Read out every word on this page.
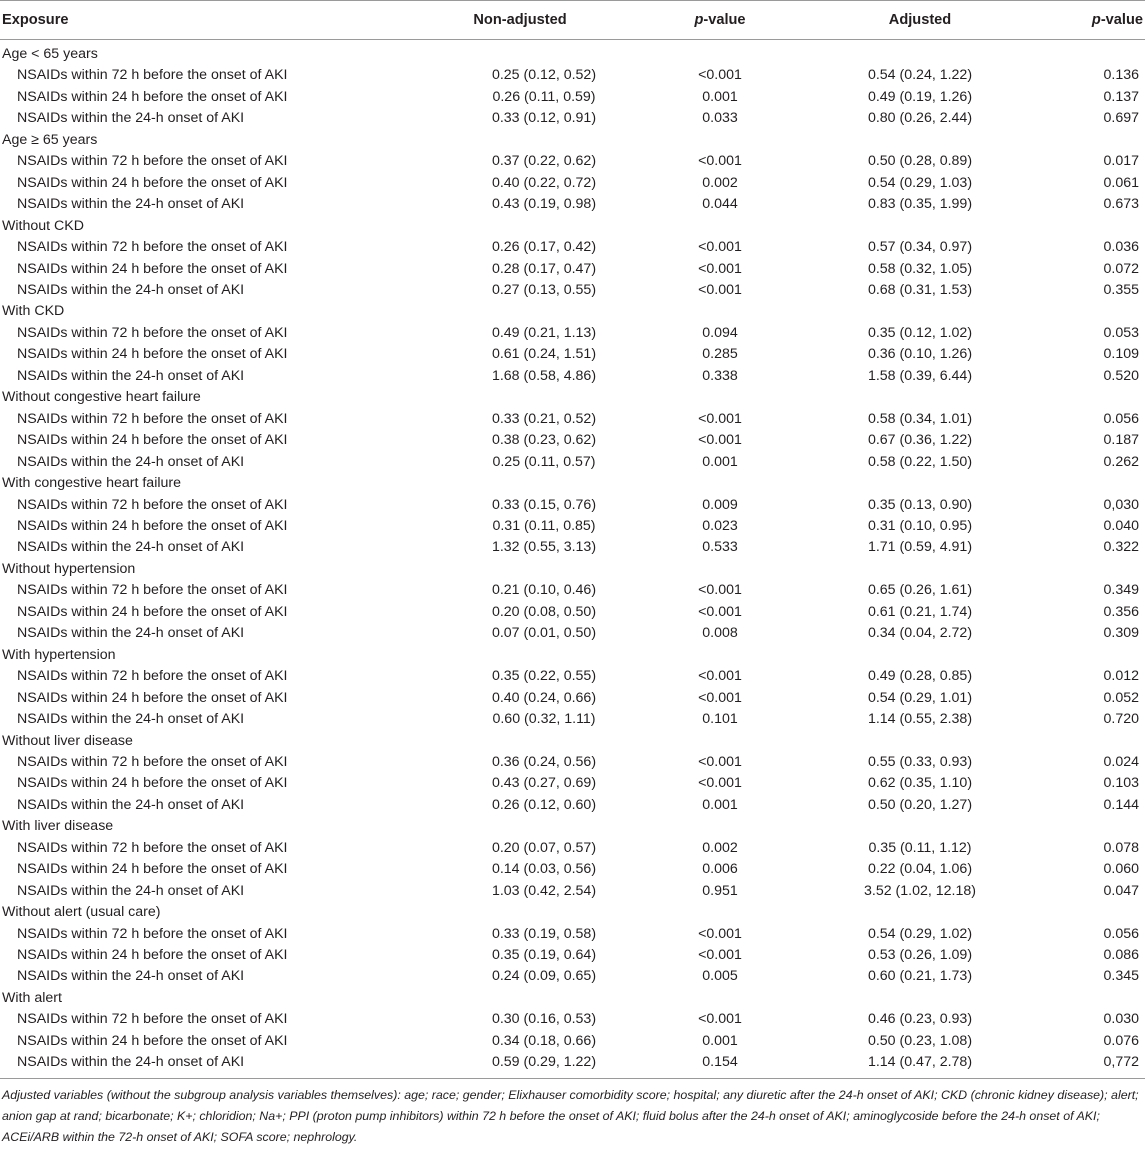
Exposure	Non-adjusted	p-value	Adjusted	p-value
Age < 65 years				
NSAIDs within 72 h before the onset of AKI	0.25 (0.12, 0.52)	<0.001	0.54 (0.24, 1.22)	0.136
NSAIDs within 24 h before the onset of AKI	0.26 (0.11, 0.59)	0.001	0.49 (0.19, 1.26)	0.137
NSAIDs within the 24-h onset of AKI	0.33 (0.12, 0.91)	0.033	0.80 (0.26, 2.44)	0.697
Age ≥ 65 years				
NSAIDs within 72 h before the onset of AKI	0.37 (0.22, 0.62)	<0.001	0.50 (0.28, 0.89)	0.017
NSAIDs within 24 h before the onset of AKI	0.40 (0.22, 0.72)	0.002	0.54 (0.29, 1.03)	0.061
NSAIDs within the 24-h onset of AKI	0.43 (0.19, 0.98)	0.044	0.83 (0.35, 1.99)	0.673
Without CKD				
NSAIDs within 72 h before the onset of AKI	0.26 (0.17, 0.42)	<0.001	0.57 (0.34, 0.97)	0.036
NSAIDs within 24 h before the onset of AKI	0.28 (0.17, 0.47)	<0.001	0.58 (0.32, 1.05)	0.072
NSAIDs within the 24-h onset of AKI	0.27 (0.13, 0.55)	<0.001	0.68 (0.31, 1.53)	0.355
With CKD				
NSAIDs within 72 h before the onset of AKI	0.49 (0.21, 1.13)	0.094	0.35 (0.12, 1.02)	0.053
NSAIDs within 24 h before the onset of AKI	0.61 (0.24, 1.51)	0.285	0.36 (0.10, 1.26)	0.109
NSAIDs within the 24-h onset of AKI	1.68 (0.58, 4.86)	0.338	1.58 (0.39, 6.44)	0.520
Without congestive heart failure				
NSAIDs within 72 h before the onset of AKI	0.33 (0.21, 0.52)	<0.001	0.58 (0.34, 1.01)	0.056
NSAIDs within 24 h before the onset of AKI	0.38 (0.23, 0.62)	<0.001	0.67 (0.36, 1.22)	0.187
NSAIDs within the 24-h onset of AKI	0.25 (0.11, 0.57)	0.001	0.58 (0.22, 1.50)	0.262
With congestive heart failure				
NSAIDs within 72 h before the onset of AKI	0.33 (0.15, 0.76)	0.009	0.35 (0.13, 0.90)	0,030
NSAIDs within 24 h before the onset of AKI	0.31 (0.11, 0.85)	0.023	0.31 (0.10, 0.95)	0.040
NSAIDs within the 24-h onset of AKI	1.32 (0.55, 3.13)	0.533	1.71 (0.59, 4.91)	0.322
Without hypertension				
NSAIDs within 72 h before the onset of AKI	0.21 (0.10, 0.46)	<0.001	0.65 (0.26, 1.61)	0.349
NSAIDs within 24 h before the onset of AKI	0.20 (0.08, 0.50)	<0.001	0.61 (0.21, 1.74)	0.356
NSAIDs within the 24-h onset of AKI	0.07 (0.01, 0.50)	0.008	0.34 (0.04, 2.72)	0.309
With hypertension				
NSAIDs within 72 h before the onset of AKI	0.35 (0.22, 0.55)	<0.001	0.49 (0.28, 0.85)	0.012
NSAIDs within 24 h before the onset of AKI	0.40 (0.24, 0.66)	<0.001	0.54 (0.29, 1.01)	0.052
NSAIDs within the 24-h onset of AKI	0.60 (0.32, 1.11)	0.101	1.14 (0.55, 2.38)	0.720
Without liver disease				
NSAIDs within 72 h before the onset of AKI	0.36 (0.24, 0.56)	<0.001	0.55 (0.33, 0.93)	0.024
NSAIDs within 24 h before the onset of AKI	0.43 (0.27, 0.69)	<0.001	0.62 (0.35, 1.10)	0.103
NSAIDs within the 24-h onset of AKI	0.26 (0.12, 0.60)	0.001	0.50 (0.20, 1.27)	0.144
With liver disease				
NSAIDs within 72 h before the onset of AKI	0.20 (0.07, 0.57)	0.002	0.35 (0.11, 1.12)	0.078
NSAIDs within 24 h before the onset of AKI	0.14 (0.03, 0.56)	0.006	0.22 (0.04, 1.06)	0.060
NSAIDs within the 24-h onset of AKI	1.03 (0.42, 2.54)	0.951	3.52 (1.02, 12.18)	0.047
Without alert (usual care)				
NSAIDs within 72 h before the onset of AKI	0.33 (0.19, 0.58)	<0.001	0.54 (0.29, 1.02)	0.056
NSAIDs within 24 h before the onset of AKI	0.35 (0.19, 0.64)	<0.001	0.53 (0.26, 1.09)	0.086
NSAIDs within the 24-h onset of AKI	0.24 (0.09, 0.65)	0.005	0.60 (0.21, 1.73)	0.345
With alert				
NSAIDs within 72 h before the onset of AKI	0.30 (0.16, 0.53)	<0.001	0.46 (0.23, 0.93)	0.030
NSAIDs within 24 h before the onset of AKI	0.34 (0.18, 0.66)	0.001	0.50 (0.23, 1.08)	0.076
NSAIDs within the 24-h onset of AKI	0.59 (0.29, 1.22)	0.154	1.14 (0.47, 2.78)	0,772
Adjusted variables (without the subgroup analysis variables themselves): age; race; gender; Elixhauser comorbidity score; hospital; any diuretic after the 24-h onset of AKI; CKD (chronic kidney disease); alert; anion gap at rand; bicarbonate; K+; chloridion; Na+; PPI (proton pump inhibitors) within 72 h before the onset of AKI; fluid bolus after the 24-h onset of AKI; aminoglycoside before the 24-h onset of AKI; ACEi/ARB within the 72-h onset of AKI; SOFA score; nephrology.
